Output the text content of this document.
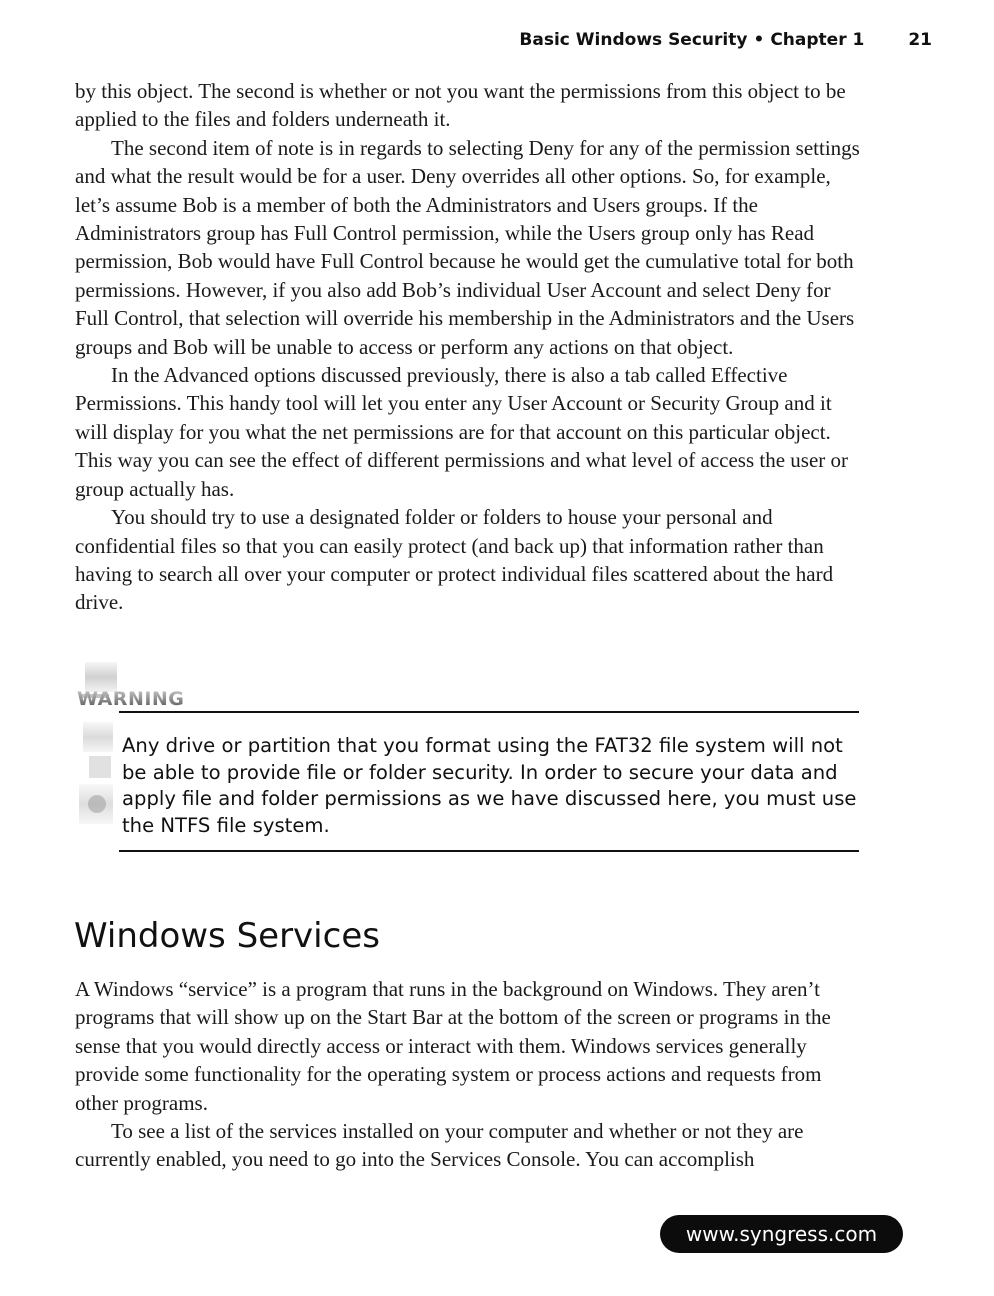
Basic Windows Security • Chapter 1	21

by this object. The second is whether or not you want the permissions from this object to be applied to the files and folders underneath it.

The second item of note is in regards to selecting Deny for any of the permission settings and what the result would be for a user. Deny overrides all other options. So, for example, let’s assume Bob is a member of both the Administrators and Users groups. If the Administrators group has Full Control permission, while the Users group only has Read permission, Bob would have Full Control because he would get the cumulative total for both permissions. However, if you also add Bob’s individual User Account and select Deny for Full Control, that selection will override his membership in the Administrators and the Users groups and Bob will be unable to access or perform any actions on that object.

In the Advanced options discussed previously, there is also a tab called Effective Permissions. This handy tool will let you enter any User Account or Security Group and it will display for you what the net permissions are for that account on this particular object. This way you can see the effect of different permissions and what level of access the user or group actually has.

You should try to use a designated folder or folders to house your personal and confidential files so that you can easily protect (and back up) that information rather than having to search all over your computer or protect individual files scattered about the hard drive.

WARNING

Any drive or partition that you format using the FAT32 file system will not be able to provide file or folder security. In order to secure your data and apply file and folder permissions as we have discussed here, you must use the NTFS file system.

Windows Services

A Windows “service” is a program that runs in the background on Windows. They aren’t programs that will show up on the Start Bar at the bottom of the screen or programs in the sense that you would directly access or interact with them. Windows services generally provide some functionality for the operating system or process actions and requests from other programs.

To see a list of the services installed on your computer and whether or not they are currently enabled, you need to go into the Services Console. You can accomplish

www.syngress.com
